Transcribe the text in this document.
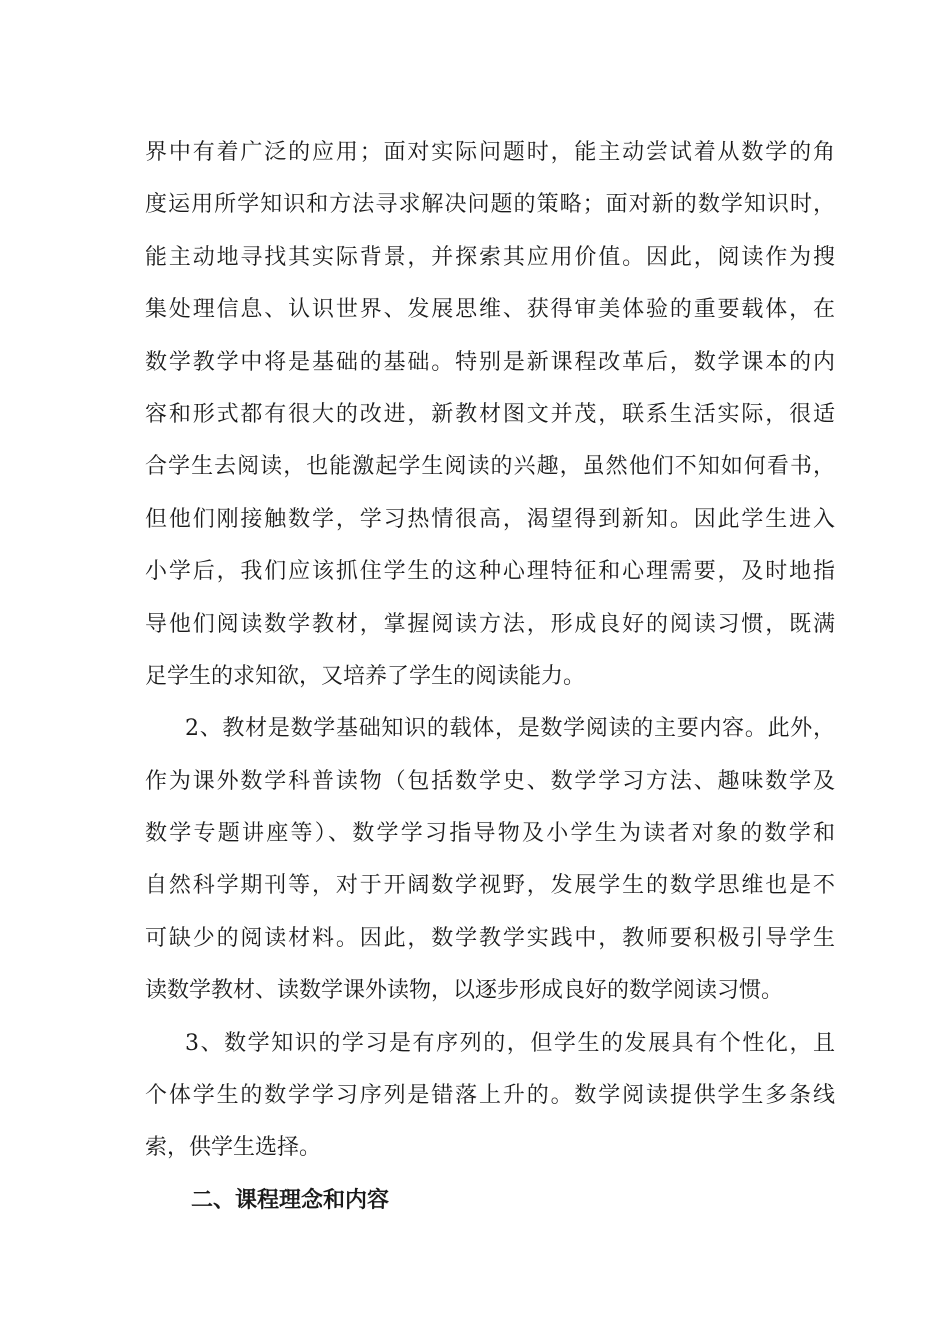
界中有着广泛的应用；面对实际问题时，能主动尝试着从数学的角
度运用所学知识和方法寻求解决问题的策略；面对新的数学知识时，
能主动地寻找其实际背景，并探索其应用价值。因此，阅读作为搜
集处理信息、认识世界、发展思维、获得审美体验的重要载体，在
数学教学中将是基础的基础。特别是新课程改革后，数学课本的内
容和形式都有很大的改进，新教材图文并茂，联系生活实际，很适
合学生去阅读，也能激起学生阅读的兴趣，虽然他们不知如何看书，
但他们刚接触数学，学习热情很高，渴望得到新知。因此学生进入
小学后，我们应该抓住学生的这种心理特征和心理需要，及时地指
导他们阅读数学教材，掌握阅读方法，形成良好的阅读习惯，既满
足学生的求知欲，又培养了学生的阅读能力。
2、教材是数学基础知识的载体，是数学阅读的主要内容。此外，
作为课外数学科普读物（包括数学史、数学学习方法、趣味数学及
数学专题讲座等）、数学学习指导物及小学生为读者对象的数学和
自然科学期刊等，对于开阔数学视野，发展学生的数学思维也是不
可缺少的阅读材料。因此，数学教学实践中，教师要积极引导学生
读数学教材、读数学课外读物，以逐步形成良好的数学阅读习惯。
3、数学知识的学习是有序列的，但学生的发展具有个性化，且
个体学生的数学学习序列是错落上升的。数学阅读提供学生多条线
索，供学生选择。
二、课程理念和内容
